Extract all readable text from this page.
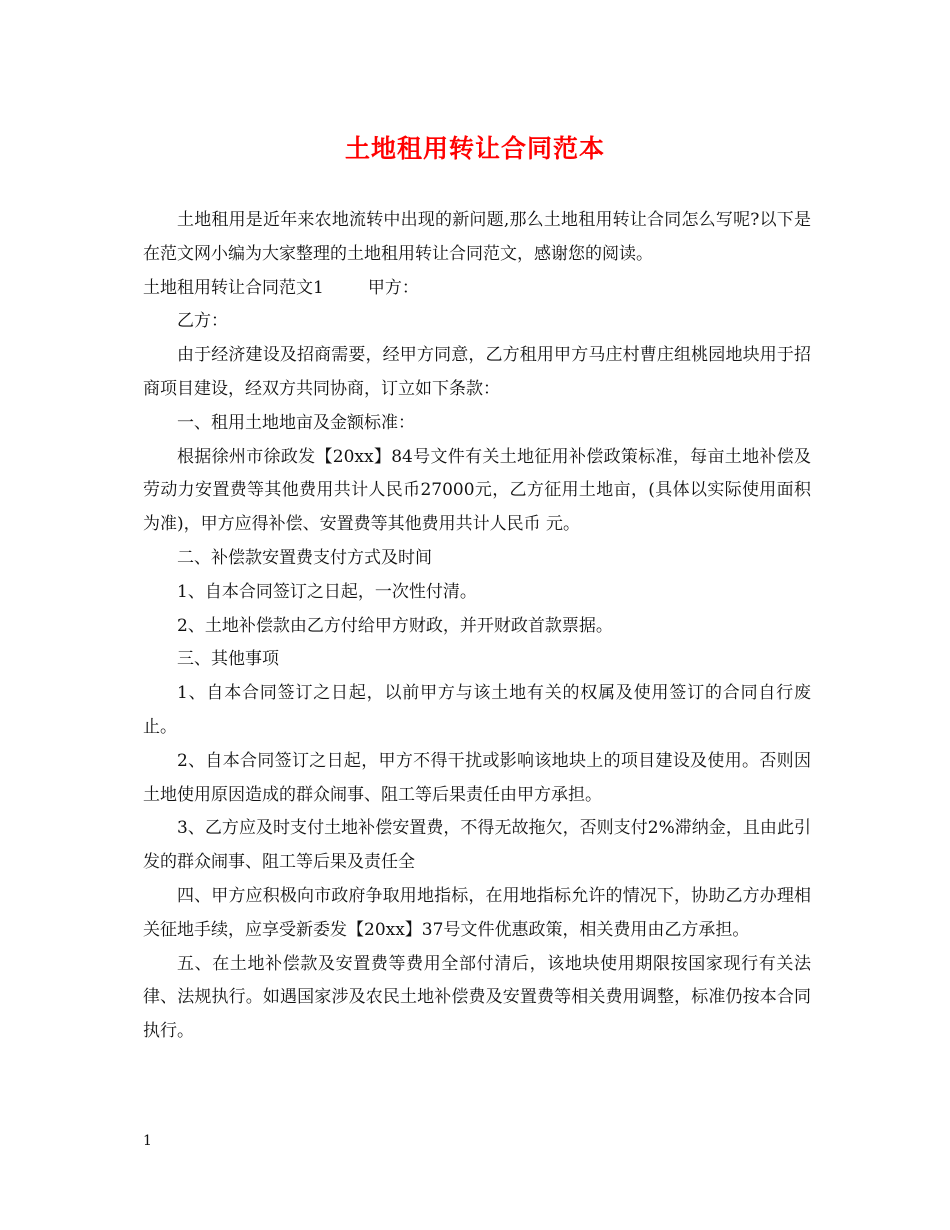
土地租用转让合同范本

土地租用是近年来农地流转中出现的新问题,那么土地租用转让合同怎么写呢?以下是在范文网小编为大家整理的土地租用转让合同范文，感谢您的阅读。

土地租用转让合同范文1	甲方：

乙方：

由于经济建设及招商需要，经甲方同意，乙方租用甲方马庄村曹庄组桃园地块用于招商项目建设，经双方共同协商，订立如下条款：

一、租用土地地亩及金额标准：

根据徐州市徐政发【20xx】84号文件有关土地征用补偿政策标准，每亩土地补偿及劳动力安置费等其他费用共计人民币27000元，乙方征用土地亩，(具体以实际使用面积为准)，甲方应得补偿、安置费等其他费用共计人民币 元。

二、补偿款安置费支付方式及时间

1、自本合同签订之日起，一次性付清。

2、土地补偿款由乙方付给甲方财政，并开财政首款票据。

三、其他事项

1、自本合同签订之日起，以前甲方与该土地有关的权属及使用签订的合同自行废止。

2、自本合同签订之日起，甲方不得干扰或影响该地块上的项目建设及使用。否则因土地使用原因造成的群众闹事、阻工等后果责任由甲方承担。

3、乙方应及时支付土地补偿安置费，不得无故拖欠，否则支付2%滞纳金，且由此引发的群众闹事、阻工等后果及责任全

四、甲方应积极向市政府争取用地指标，在用地指标允许的情况下，协助乙方办理相关征地手续，应享受新委发【20xx】37号文件优惠政策，相关费用由乙方承担。

五、在土地补偿款及安置费等费用全部付清后，该地块使用期限按国家现行有关法律、法规执行。如遇国家涉及农民土地补偿费及安置费等相关费用调整，标准仍按本合同执行。

1
